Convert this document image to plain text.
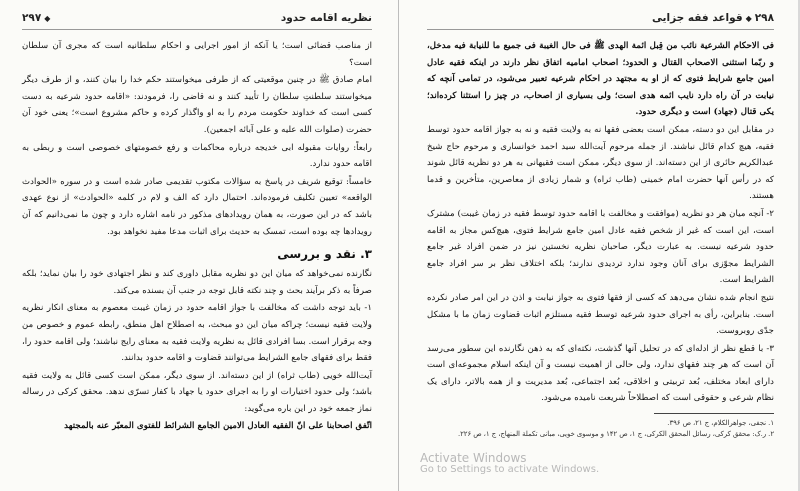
نظریه اقامه حدود
◆
۲۹۷

از مناصب قضائی است؛ یا آنکه از امور اجرایی و احکام سلطانیه است که مجری آن سلطان است؟

امام صادق ﷺ در چنین موقعیتی که از طرفی میخواستند حکم خدا را بیان کنند، و از طرف دیگر میخواستند سلطنتِ سلطان را تأیید کنند و نه قاضی را، فرمودند: «اقامه حدود شرعیه به دست کسی است که خداوند حکومت مردم را به او واگذار کرده و حاکم مشروع است»؛ یعنی خود آن حضرت (صلوات الله علیه و علی آبائه اجمعین).

رابعاً: روایات مقبوله ابی خدیجه درباره محاکمات و رفع خصومتهای خصوصی است و ربطی به اقامه حدود ندارد.

خامساً: توقیع شریف در پاسخ به سؤالات مکتوب تقدیمی صادر شده است و در سوره «الحوادث الواقعه» تعیین تکلیف فرموده‌اند. احتمال دارد که الف و لام در کلمه «الحوادث» از نوع عهدی باشد که در این صورت، به همان رویدادهای مذکور در نامه اشاره دارد و چون ما نمی‌دانیم که آن رویدادها چه بوده است، تمسک به حدیث برای اثبات مدعا مفید نخواهد بود.

۳. نقد و بررسی

نگارنده نمی‌خواهد که میان این دو نظریه مقابل داوری کند و نظر اجتهادی خود را بیان نماید؛ بلکه صرفاً به ذکر برآیند بحث و چند نکته قابل توجه در جنب آن بسنده می‌کند.

۱- باید توجه داشت که مخالفت با جواز اقامه حدود در زمان غیبت معصوم به معنای انکار نظریه ولایت فقیه نیست؛ چراکه میان این دو مبحث، به اصطلاح اهل منطق، رابطه عموم و خصوص من وجه برقرار است. بسا افرادی قائل به نظریه ولایت فقیه به معنای رایج نباشند؛ ولی اقامه حدود را، فقط برای فقهای جامع الشرایط می‌توانند قضاوت و اقامه حدود بدانند.

آیت‌الله خویی (طاب ثراه) از این دسته‌اند. از سوی دیگر، ممکن است کسی قائل به ولایت فقیه باشد؛ ولی حدود اختیارات او را به اجرای حدود یا جهاد با کفار تسرّی ندهد. محقق کرکی در رساله نماز جمعه خود در این باره می‌گوید:

اتّفق اصحابنا علی انّ الفقیه العادل الامین الجامع الشرائط للفتوی المعبّر عنه بالمجتهد

۲۹۸
◆
قواعد فقه جزایی

فی الاحکام الشرعیة نائب من قِبل ائمة الهدی ﷺ فی حال الغیبة فی جمیع ما للنیابة فیه مدخل، و ربّما استثنی الاصحاب القتال و الحدود؛ اصحاب امامیه اتفاق نظر دارند در اینکه فقیه عادل امین جامع شرایط فتوی که از او به مجتهد در احکام شرعیه تعبیر می‌شود، در تمامی آنچه که نیابت در آن راه دارد نایب ائمه هدی است؛ ولی بسیاری از اصحاب، در چیز را استثنا کرده‌اند؛ یکی قتال (جهاد) است و دیگری حدود.

در مقابل این دو دسته، ممکن است بعضی فقها نه به ولایت فقیه و نه به جواز اقامه حدود توسط فقیه، هیچ کدام قائل نباشند. از جمله مرحوم آیت‌الله سید احمد خوانساری و مرحوم حاج شیخ عبدالکریم حائری از این دسته‌اند. از سوی دیگر، ممکن است فقیهانی به هر دو نظریه قائل شوند که در رأس آنها حضرت امام خمینی (طاب ثراه) و شمار زیادی از معاصرین، متأخرین و قدما هستند.

۲- آنچه میان هر دو نظریه (موافقت و مخالفت با اقامه حدود توسط فقیه در زمان غیبت) مشترک است، این است که غیر از شخص فقیه عادل امین جامع شرایط فتوی، هیچ‌کس مجاز به اقامه حدود شرعیه نیست. به عبارت دیگر، صاحبان نظریه نخستین نیز در ضمن افراد غیر جامع الشرایط مجوّزی برای آنان وجود ندارد تردیدی ندارند؛ بلکه اختلاف نظر بر سر افراد جامع الشرایط است.

نتیج انجام شده نشان می‌دهد که کسی از فقها فتوی به جواز نیابت و اذن در این امر صادر نکرده است. بنابراین، رأی به اجرای حدود شرعیه توسط فقیه مستلزم اثبات قضاوت زمان ما با مشکل جدّی روبروست.

۳- با قطع نظر از ادله‌ای که در تحلیل آنها گذشت، نکته‌ای که به ذهن نگارنده این سطور می‌رسد آن است که هر چند فقهای ندارد، ولی حالی از اهمیت نیست و آن اینکه اسلام مجموعه‌ای است دارای ابعاد مختلف، بُعد تربیتی و اخلاقی، بُعد اجتماعی، بُعد مدیریت و از همه بالاتر، دارای یک نظام شرعی و حقوقی است که اصطلاحاً شریعت نامیده می‌شود.

۱. نجفی، جواهرالکلام، ج ۲۱، ص ۳۹۶.

۲. ر.ک: محقق کرکی، رسائل المحقق الکرکی، ج ۱، ص ۱۴۲ و موسوی خویی، مبانی تکملة المنهاج، ج ۱، ص ۲۲۶.

Activate Windows
Go to Settings to activate Windows.
